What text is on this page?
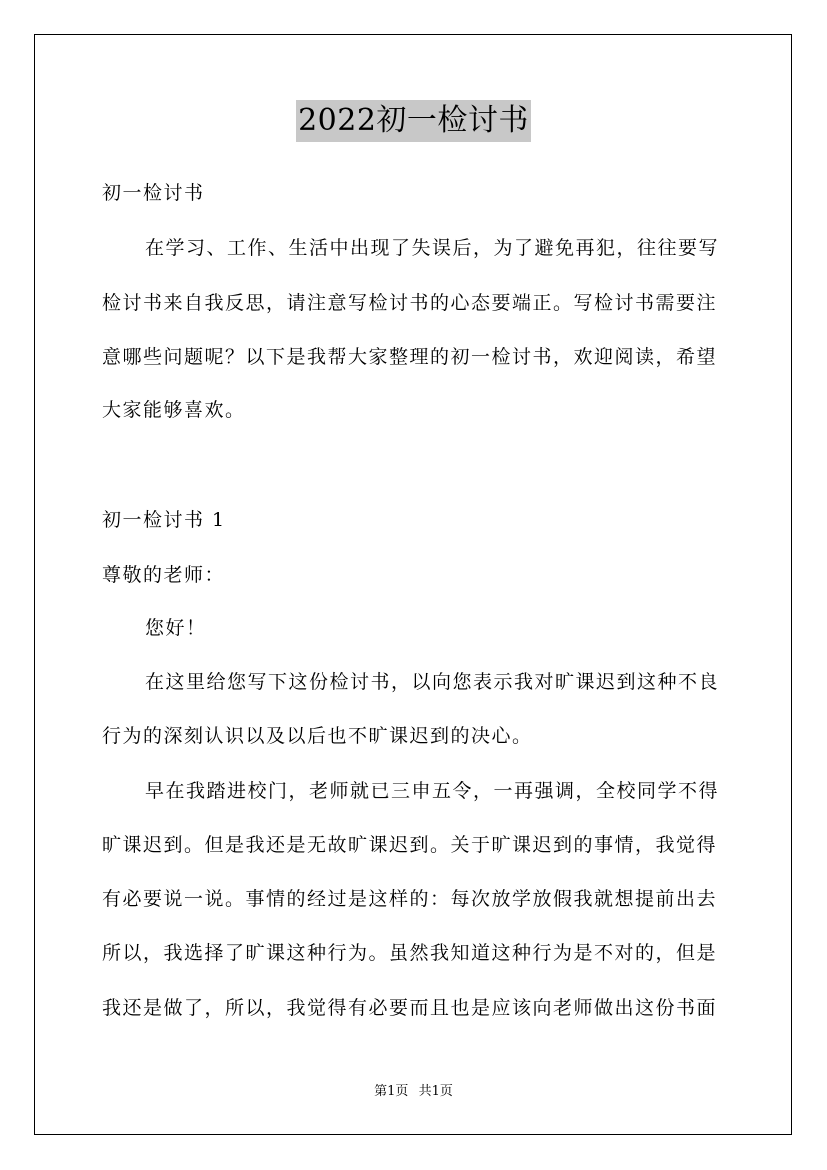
2022初一检讨书
初一检讨书
在学习、工作、生活中出现了失误后，为了避免再犯，往往要写
检讨书来自我反思，请注意写检讨书的心态要端正。写检讨书需要注
意哪些问题呢？以下是我帮大家整理的初一检讨书，欢迎阅读，希望
大家能够喜欢。
初一检讨书 1
尊敬的老师：
您好！
在这里给您写下这份检讨书，以向您表示我对旷课迟到这种不良
行为的深刻认识以及以后也不旷课迟到的决心。
早在我踏进校门，老师就已三申五令，一再强调，全校同学不得
旷课迟到。但是我还是无故旷课迟到。关于旷课迟到的事情，我觉得
有必要说一说。事情的经过是这样的：每次放学放假我就想提前出去
所以，我选择了旷课这种行为。虽然我知道这种行为是不对的，但是
我还是做了，所以，我觉得有必要而且也是应该向老师做出这份书面
第1页 共1页
